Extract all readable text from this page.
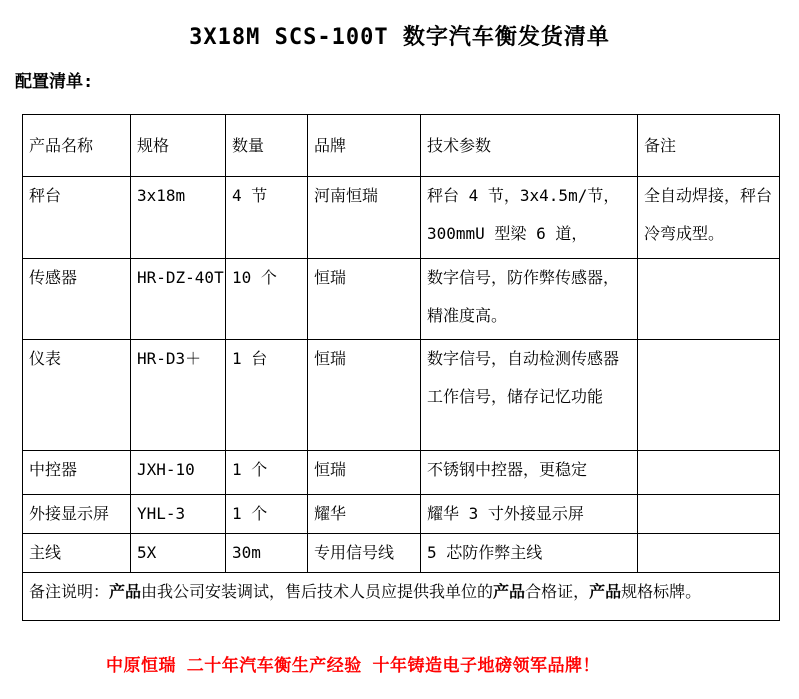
3X18M SCS-100T 数字汽车衡发货清单
配置清单:
产品名称	规格	数量	品牌	技术参数	备注
秤台	3x18m	4 节	河南恒瑞	秤台 4 节，3x4.5m/节，300mmU 型梁 6 道，	全自动焊接，秤台冷弯成型。
传感器	HR-DZ-40T	10 个	恒瑞	数字信号，防作弊传感器，精准度高。	
仪表	HR-D3＋	1 台	恒瑞	数字信号，自动检测传感器工作信号，储存记忆功能	
中控器	JXH-10	1 个	恒瑞	不锈钢中控器，更稳定	
外接显示屏	YHL-3	1 个	耀华	耀华 3 寸外接显示屏	
主线	5X	30m	专用信号线	5 芯防作弊主线	
备注说明：产品由我公司安装调试，售后技术人员应提供我单位的产品合格证，产品规格标牌。					
中原恒瑞 二十年汽车衡生产经验 十年铸造电子地磅领军品牌！
